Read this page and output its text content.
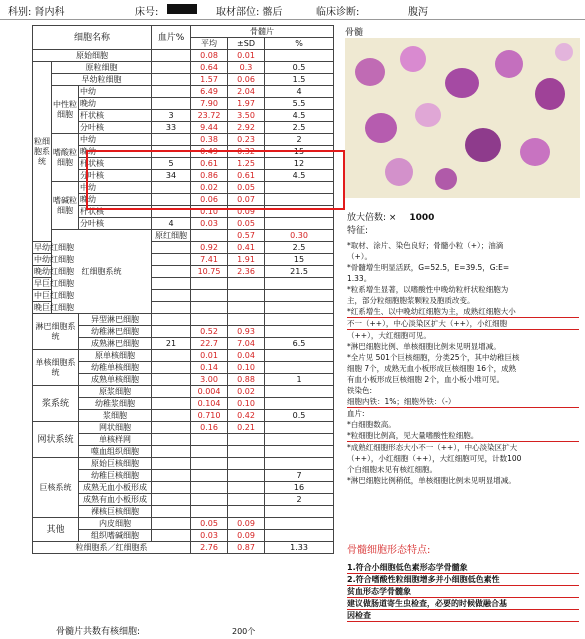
科别: 肾内科	床号:	取材部位: 髂后	临床诊断:	腹泻
细胞名称			血片%	骨髓片			
				平均	±SD	%	
原始细胞				0.08	0.01		
粒细胞系统	原粒细胞			0.64	0.3	0.5	
	早幼粒细胞			1.57	0.06	1.5	
	中性粒细胞	中幼		6.49	2.04	4	
		晚幼		7.90	1.97	5.5	
		杆状核	3	23.72	3.50	4.5	
		分叶核	33	9.44	2.92	2.5	
	嗜酸粒细胞	中幼		0.38	0.23	2	
		晚幼		0.49	0.32	15	
		杆状核	5	0.61	1.25	12	
		分叶核	34	0.86	0.61	4.5	
	嗜碱粒细胞	中幼		0.02	0.05		
		晚幼		0.06	0.07		
		杆状核		0.10	0.09		
		分叶核	4	0.03	0.05		
	红细胞系统		原红细胞		0.57	0.30	
早幼红细胞				0.92	0.41	2.5	
中幼红细胞				7.41	1.91	15	
晚幼红细胞				10.75	2.36	21.5	
早巨红细胞							
中巨红细胞							
晚巨红细胞							
淋巴细胞系统		异型淋巴细胞					
		幼稚淋巴细胞		0.52	0.93		
		成熟淋巴细胞	21	22.7	7.04	6.5	
单核细胞系统		原单核细胞		0.01	0.04		
		幼稚单核细胞		0.14	0.10		
		成熟单核细胞		3.00	0.88	1	
浆系统		原浆细胞		0.004	0.02		
		幼稚浆细胞		0.104	0.10		
		浆细胞		0.710	0.42	0.5	
网状系统		网状细胞		0.16	0.21		
		单核样网					
		噬血组织细胞					
巨核系统		原始巨核细胞					
		幼稚巨核细胞				7	
		成熟无血小板形成				16	
		成熟有血小板形成				2	
		裸核巨核细胞					
其他		内皮细胞		0.05	0.09		
		组织嗜碱细胞		0.03	0.09		
粒细胞系／红细胞系				2.76	0.87	1.33	
骨髓片共数有核细胞:	200个
骨髓
放大倍数: × 1000
特征:
*取材、涂片、染色良好；骨髓小粒（+）；油滴
（+）。
*骨髓增生明显活跃，G=52.5，E=39.5，G:E=
1.33。
*粒系增生显著，以嗜酸性中晚幼粒杆状粒细胞为
主，部分粒细胞胞浆颗粒及胞质改变。
*红系增生、以中晚幼红细胞为主，成熟红细胞大小
不一（++），中心淡染区扩大（++），小红细胞
（++），大红细胞可见。
*淋巴细胞比例、单核细胞比例未见明显增减。
*全片见 501个巨核细胞，分类25个，其中幼稚巨核
细胞 7个，成熟无血小板形成巨核细胞 16个，成熟
有血小板形成巨核细胞 2个，血小板小堆可见。
铁染色:
细胞内铁：1%；细胞外铁：（-）
血片:
*白细胞数高。
*粒细胞比例高，见大量嗜酸性粒细胞。
*成熟红细胞形态大小不一（++），中心淡染区扩大
（++），小红细胞（++），大红细胞可见，计数100
个白细胞未见有核红细胞。
*淋巴细胞比例稍低，单核细胞比例未见明显增减。
骨髓细胞形态特点:
1.符合小细胞低色素形态学骨髓象
2.符合嗜酸性粒细胞增多并小细胞低色素性
贫血形态学骨髓象
建议做肠道寄生虫检查，必要的时候做融合基
因检查
